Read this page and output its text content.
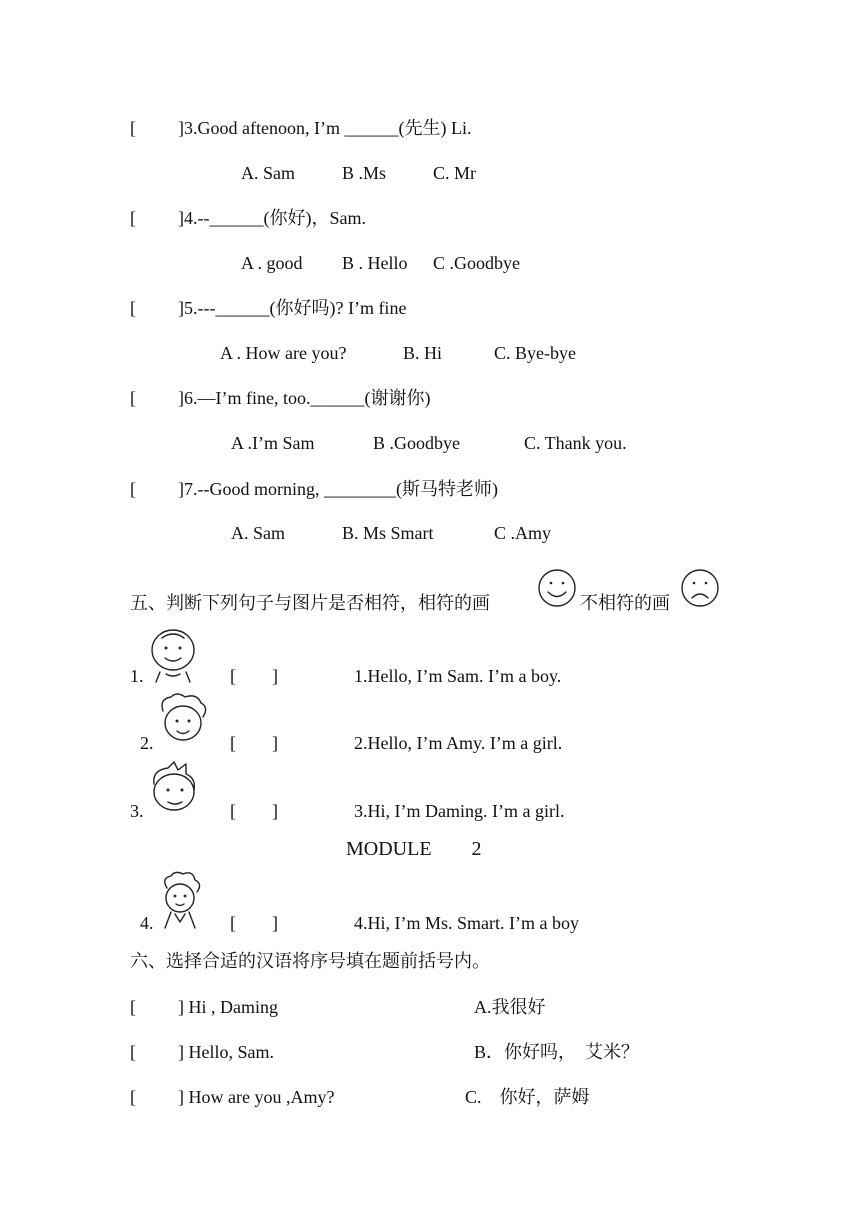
[ ]3.Good aftenoon, I’m ______(先生) Li.
A. Sam	B .Ms	C. Mr
[ ]4.--______(你好)，Sam.
A . good B . Hello C .Goodbye
[ ]5.---______(你好吗)? I’m fine
A . How are you?	B. Hi	C. Bye-bye
[ ]6.—I’m fine, too.______(谢谢你)
A .I’m Sam	B .Goodbye	C. Thank you.
[ ]7.--Good morning, ________(斯马特老师)
A. Sam	B. Ms Smart	C .Amy
五、判断下列句子与图片是否相符，相符的画	不相符的画
1.	[        ]	1.Hello, I’m Sam. I’m a boy.
2.	[        ]	2.Hello, I’m Amy. I’m a girl.
3.	[        ]	3.Hi, I’m Daming. I’m a girl.
MODULE        2
4.	[        ]	4.Hi, I’m Ms. Smart. I’m a boy
六、选择合适的汉语将序号填在题前括号内。
[ ] Hi , Daming	A.我很好
[ ] Hello, Sam.	B．你好吗，  艾米？
[ ] How are you ,Amy?	C.    你好，萨姆
